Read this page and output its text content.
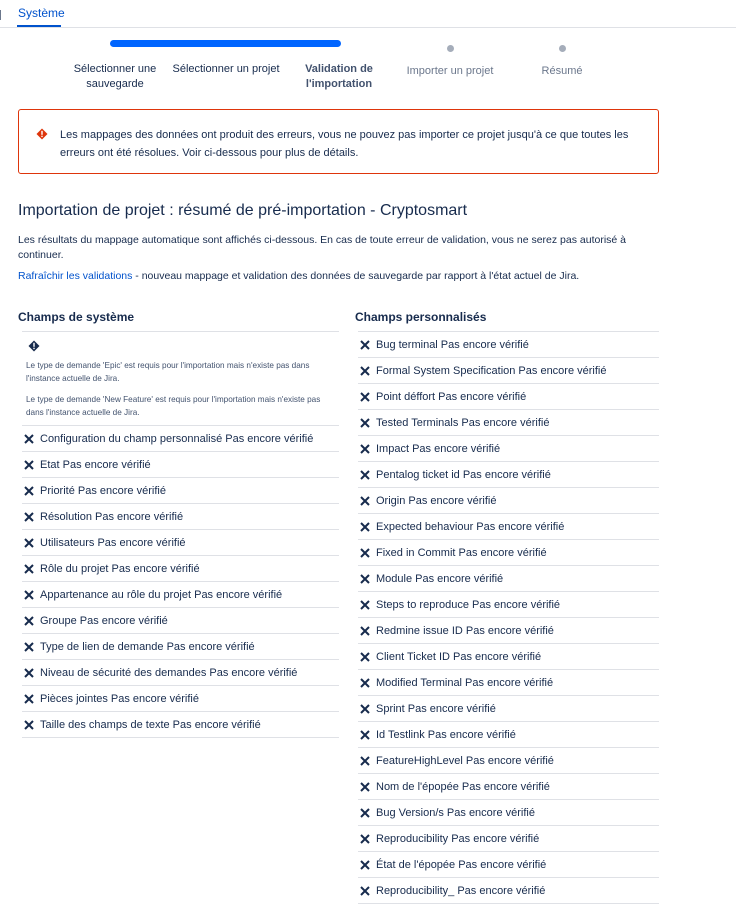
Système
Sélectionner une sauvegarde
Sélectionner un projet	Validation de l'importation
Importer un projet	Résumé
Les mappages des données ont produit des erreurs, vous ne pouvez pas importer ce projet jusqu'à ce que toutes les erreurs ont été résolues. Voir ci-dessous pour plus de détails.
Importation de projet : résumé de pré-importation - Cryptosmart
Les résultats du mappage automatique sont affichés ci-dessous. En cas de toute erreur de validation, vous ne serez pas autorisé à continuer.
Rafraîchir les validations - nouveau mappage et validation des données de sauvegarde par rapport à l'état actuel de Jira.
Champs de système
Le type de demande 'Epic' est requis pour l'importation mais n'existe pas dans l'instance actuelle de Jira.
Le type de demande 'New Feature' est requis pour l'importation mais n'existe pas dans l'instance actuelle de Jira.
Configuration du champ personnalisé Pas encore vérifié
Etat Pas encore vérifié
Priorité Pas encore vérifié
Résolution Pas encore vérifié
Utilisateurs Pas encore vérifié
Rôle du projet Pas encore vérifié
Appartenance au rôle du projet Pas encore vérifié
Groupe Pas encore vérifié
Type de lien de demande Pas encore vérifié
Niveau de sécurité des demandes Pas encore vérifié
Pièces jointes Pas encore vérifié
Taille des champs de texte Pas encore vérifié
Champs personnalisés
Bug terminal Pas encore vérifié
Formal System Specification Pas encore vérifié
Point déffort Pas encore vérifié
Tested Terminals Pas encore vérifié
Impact Pas encore vérifié
Pentalog ticket id Pas encore vérifié
Origin Pas encore vérifié
Expected behaviour Pas encore vérifié
Fixed in Commit Pas encore vérifié
Module Pas encore vérifié
Steps to reproduce Pas encore vérifié
Redmine issue ID Pas encore vérifié
Client Ticket ID Pas encore vérifié
Modified Terminal Pas encore vérifié
Sprint Pas encore vérifié
Id Testlink Pas encore vérifié
FeatureHighLevel Pas encore vérifié
Nom de l'épopée Pas encore vérifié
Bug Version/s Pas encore vérifié
Reproducibility Pas encore vérifié
État de l'épopée Pas encore vérifié
Reproducibility_ Pas encore vérifié
